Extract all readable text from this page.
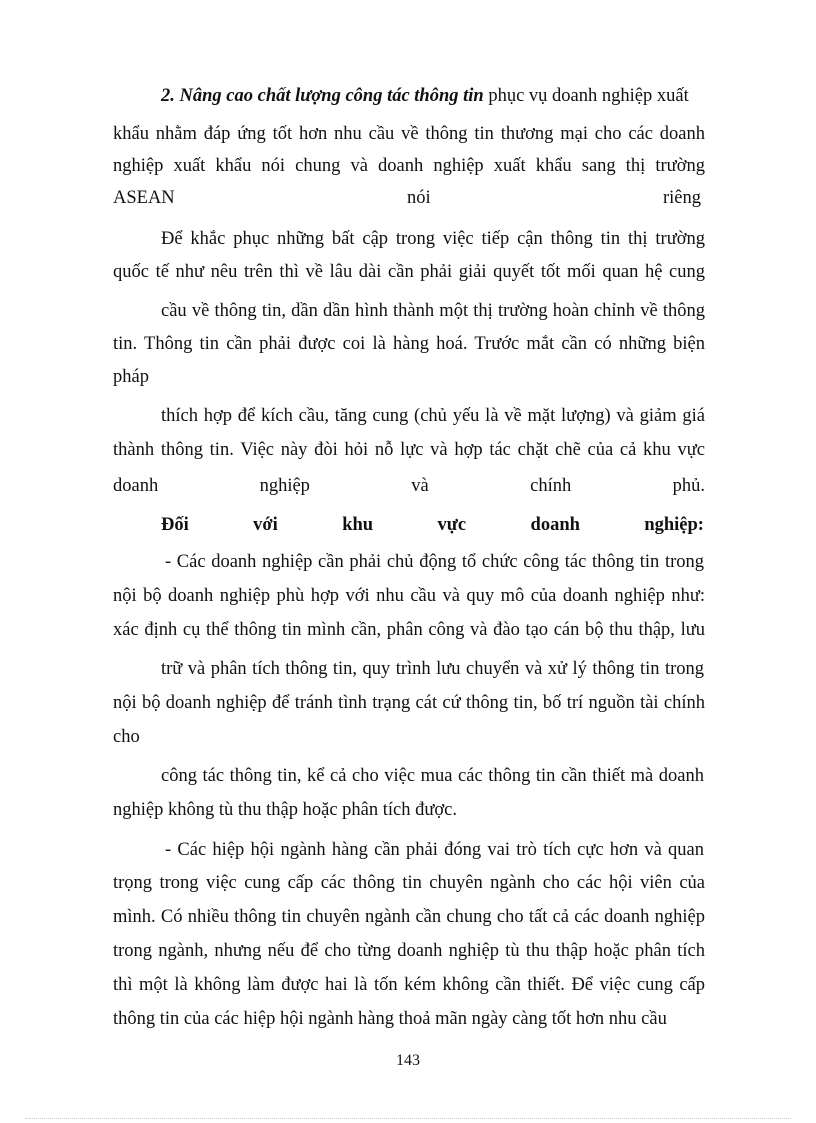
2. Nâng cao chất lượng công tác thông tin phục vụ doanh nghiệp xuất
khẩu nhằm đáp ứng tốt hơn nhu cầu về thông tin thương mại cho các doanh
nghiệp xuất khẩu nói chung và doanh nghiệp xuất khẩu sang thị trường
ASEAN	nói	riêng
Để khắc phục những bất cập trong việc tiếp cận thông tin thị trường
quốc tế như nêu trên thì về lâu dài cần phải giải quyết tốt mối quan hệ cung
cầu về thông tin, dần dần hình thành một thị trường hoàn chỉnh về thông
tin. Thông tin cần phải được coi là hàng hoá. Trước mắt cần có những biện
pháp
thích hợp để kích cầu, tăng cung (chủ yếu là về mặt lượng) và giảm giá
thành thông tin. Việc này đòi hỏi nỗ lực và hợp tác chặt chẽ của cả khu vực
doanh	nghiệp	và	chính	phủ.
Đối	với	khu	vực	doanh	nghiệp:
- Các doanh nghiệp cần phải chủ động tổ chức công tác thông tin trong
nội bộ doanh nghiệp phù hợp với nhu cầu và quy mô của doanh nghiệp như:
xác định cụ thể thông tin mình cần, phân công và đào tạo cán bộ thu thập, lưu
trữ và phân tích thông tin, quy trình lưu chuyển và xử lý thông tin trong
nội bộ doanh nghiệp để tránh tình trạng cát cứ thông tin, bố trí nguồn tài chính
cho
công tác thông tin, kể cả cho việc mua các thông tin cần thiết mà doanh
nghiệp không tù thu thập hoặc phân tích được.
- Các hiệp hội ngành hàng cần phải đóng vai trò tích cực hơn và quan
trọng trong việc cung cấp các thông tin chuyên ngành cho các hội viên của
mình. Có nhiều thông tin chuyên ngành cần chung cho tất cả các doanh nghiệp
trong ngành, nhưng nếu để cho từng doanh nghiệp tù thu thập hoặc phân tích
thì một là không làm được hai là tốn kém không cần thiết. Để việc cung cấp
thông tin của các hiệp hội ngành hàng thoả mãn ngày càng tốt hơn nhu cầu
143
